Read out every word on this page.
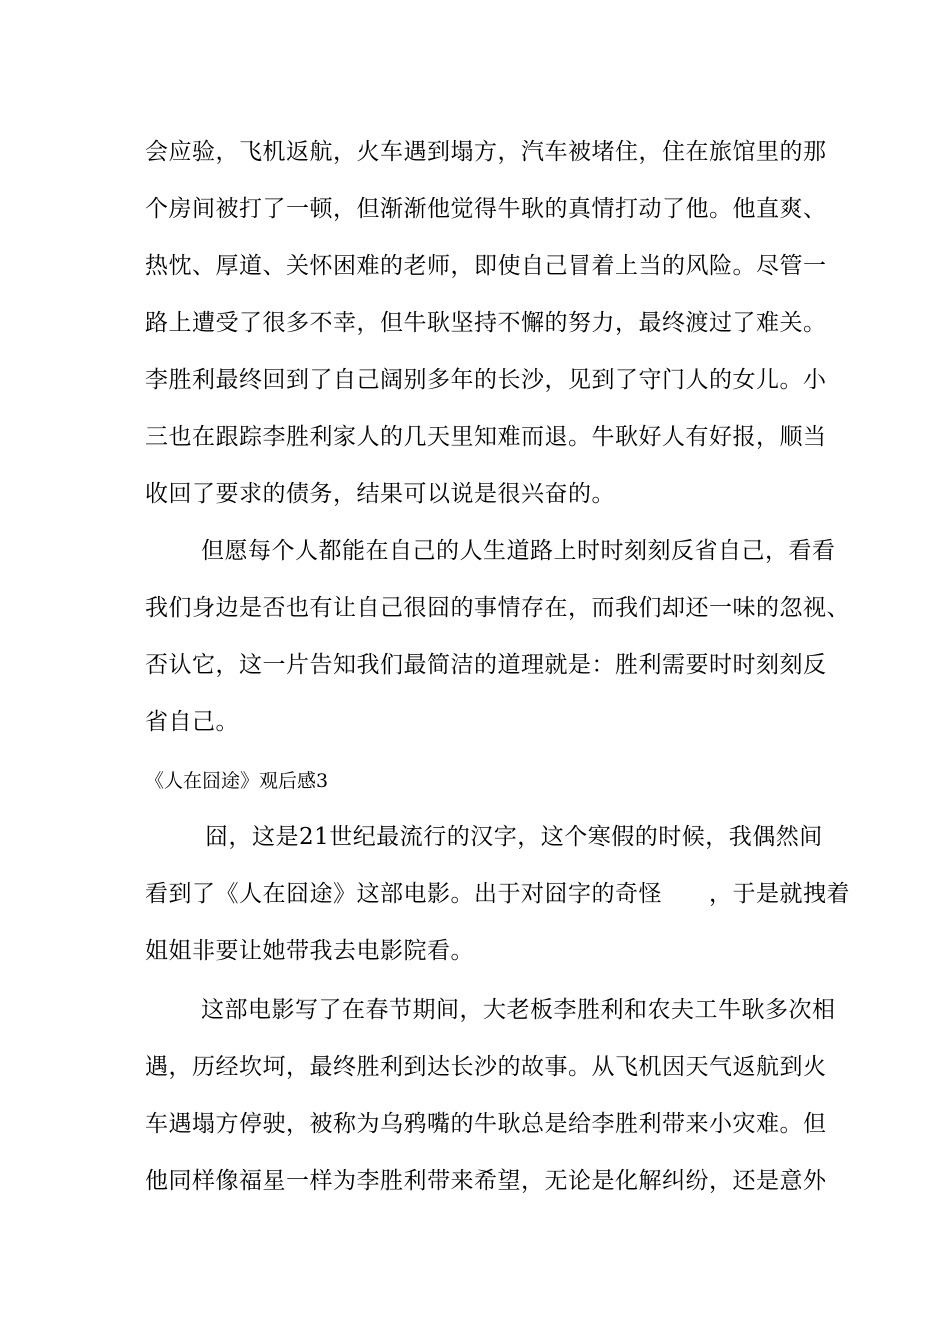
会应验，飞机返航，火车遇到塌方，汽车被堵住，住在旅馆里的那
个房间被打了一顿，但渐渐他觉得牛耿的真情打动了他。他直爽、
热忱、厚道、关怀困难的老师，即使自己冒着上当的风险。尽管一
路上遭受了很多不幸，但牛耿坚持不懈的努力，最终渡过了难关。
李胜利最终回到了自己阔别多年的长沙，见到了守门人的女儿。小
三也在跟踪李胜利家人的几天里知难而退。牛耿好人有好报，顺当
收回了要求的债务，结果可以说是很兴奋的。
但愿每个人都能在自己的人生道路上时时刻刻反省自己，看看
我们身边是否也有让自己很囧的事情存在，而我们却还一味的忽视、
否认它，这一片告知我们最简洁的道理就是：胜利需要时时刻刻反
省自己。
《人在囧途》观后感3
囧，这是21世纪最流行的汉字，这个寒假的时候，我偶然间
看到了《人在囧途》这部电影。出于对囧字的奇怪　　，于是就拽着
姐姐非要让她带我去电影院看。
这部电影写了在春节期间，大老板李胜利和农夫工牛耿多次相
遇，历经坎坷，最终胜利到达长沙的故事。从飞机因天气返航到火
车遇塌方停驶，被称为乌鸦嘴的牛耿总是给李胜利带来小灾难。但
他同样像福星一样为李胜利带来希望，无论是化解纠纷，还是意外
